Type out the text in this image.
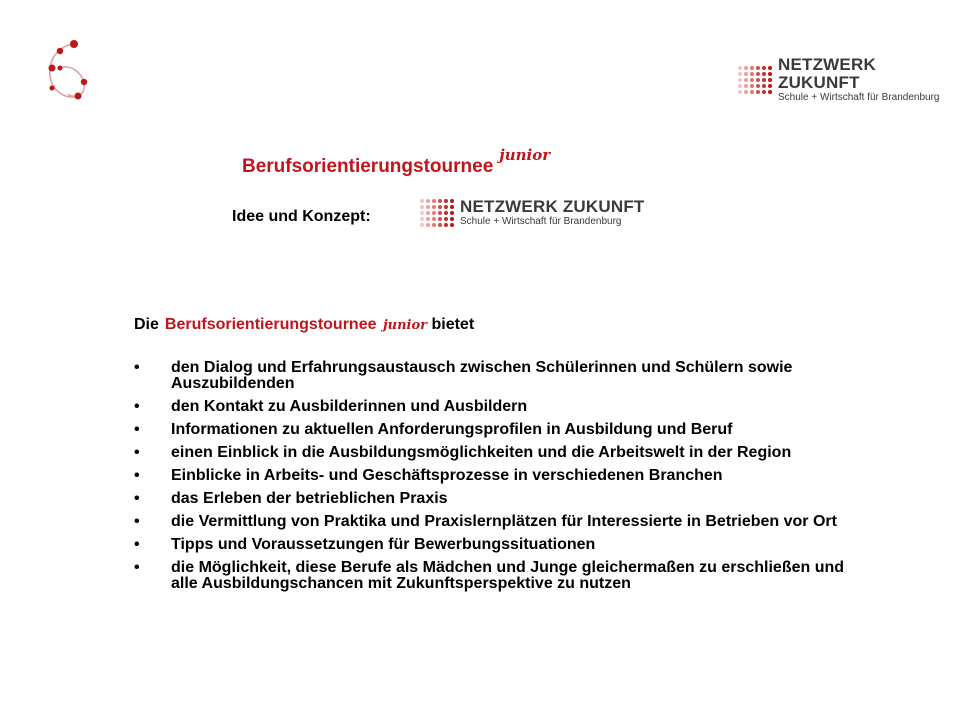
NETZWERK ZUKUNFT
Schule + Wirtschaft für Brandenburg
Berufsorientierungstournee$^{junior}$
Idee und Konzept:
NETZWERK ZUKUNFT
Schule + Wirtschaft für Brandenburg
Die Berufsorientierungstournee junior bietet
• den Dialog und Erfahrungsaustausch zwischen Schülerinnen und Schülern sowie Auszubildenden
• den Kontakt zu Ausbilderinnen und Ausbildern
• Informationen zu aktuellen Anforderungsprofilen in Ausbildung und Beruf
• einen Einblick in die Ausbildungsmöglichkeiten und die Arbeitswelt in der Region
• Einblicke in Arbeits- und Geschäftsprozesse in verschiedenen Branchen
• das Erleben der betrieblichen Praxis
• die Vermittlung von Praktika und Praxislernplätzen für Interessierte in Betrieben vor Ort
• Tipps und Voraussetzungen für Bewerbungssituationen
• die Möglichkeit, diese Berufe als Mädchen und Junge gleichermaßen zu erschließen und alle Ausbildungschancen mit Zukunftsperspektive zu nutzen
